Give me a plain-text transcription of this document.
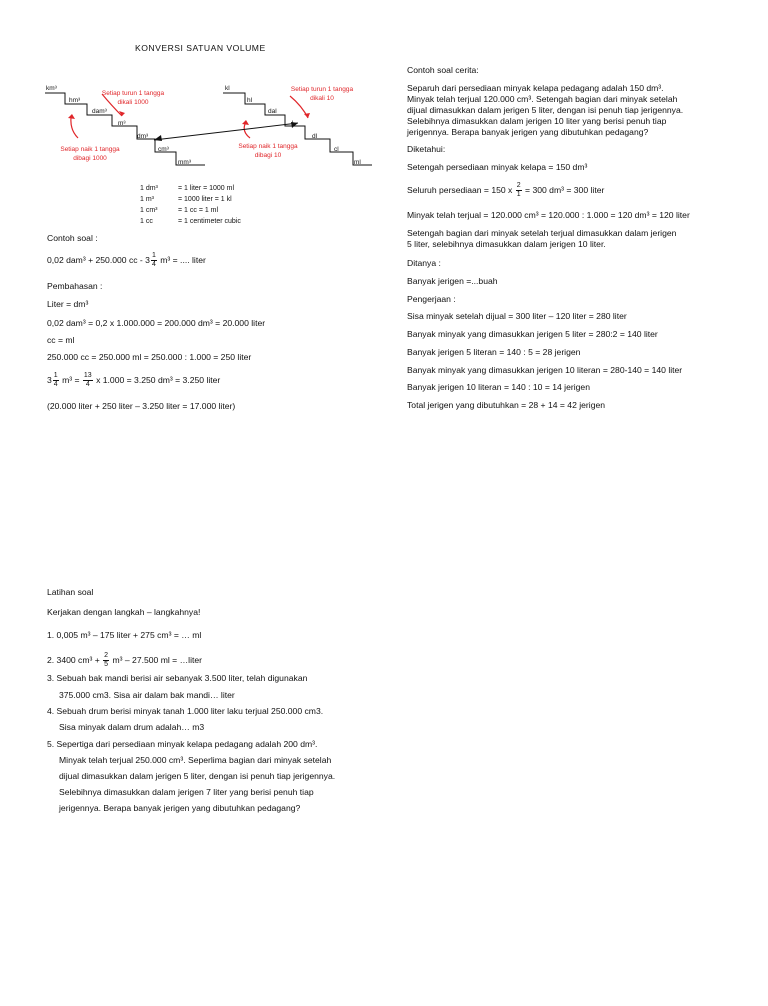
KONVERSI SATUAN VOLUME
km³
hm³
dam³
m³
dm³
cm³
mm³
Setiap turun 1 tangga
dikali 1000
Setiap naik 1 tangga
dibagi 1000
kl
hl
dal
dl
cl
ml
Setiap turun 1 tangga
dikali 10
Setiap naik 1 tangga
dibagi 10
1 dm³	= 1 liter = 1000 ml
1 m³	= 1000 liter = 1 kl
1 cm³	= 1 cc = 1 ml
1 cc	= 1 centimeter cubic
Contoh soal :
0,02 dam³ + 250.000 cc - $3 \frac{1}{4} m^3$ = .... liter
Pembahasan :
Liter = dm³
0,02 dam³ = 0,2 x 1.000.000 = 200.000 dm³ = 20.000 liter
cc = ml
250.000 cc = 250.000 ml = 250.000 : 1.000 = 250 liter
$3 \frac{1}{4} m^3 = \frac{13}{4}$ x 1.000 = 3.250 dm³ = 3.250 liter
(20.000 liter + 250 liter – 3.250 liter = 17.000 liter)
Contoh soal cerita:
Separuh dari persediaan minyak kelapa pedagang adalah 150 dm³.
Minyak telah terjual 120.000 cm³. Setengah bagian dari minyak setelah
dijual dimasukkan dalam jerigen 5 liter, dengan isi penuh tiap jerigennya.
Selebihnya dimasukkan dalam jerigen 10 liter yang berisi penuh tiap
jerigennya. Berapa banyak jerigen yang dibutuhkan pedagang?
Diketahui:
Setengah persediaan minyak kelapa = 150 dm³
Seluruh persediaan = 150 x $\frac{2}{1} = 300$ dm³ = 300 liter
Minyak telah terjual = 120.000 cm³ = 120.000 : 1.000 = 120 dm³ = 120 liter
Setengah bagian dari minyak setelah terjual dimasukkan dalam jerigen
5 liter, selebihnya dimasukkan dalam jerigen 10 liter.
Ditanya :
Banyak jerigen =...buah
Pengerjaan :
Sisa minyak setelah dijual = 300 liter – 120 liter = 280 liter
Banyak minyak yang dimasukkan jerigen 5 liter = 280:2 = 140 liter
Banyak jerigen 5 literan = 140 : 5 = 28 jerigen
Banyak minyak yang dimasukkan jerigen 10 literan = 280-140 = 140 liter
Banyak jerigen 10 literan = 140 : 10 = 14 jerigen
Total jerigen yang dibutuhkan = 28 + 14 = 42 jerigen
Latihan soal
Kerjakan dengan langkah – langkahnya!
1. 0,005 m³ – 175 liter + 275 cm³ = … ml
2. 3400 $cm^3 + \frac{2}{5} m^3 - 27.500$ ml = …liter
3. Sebuah bak mandi berisi air sebanyak 3.500 liter, telah digunakan
375.000 cm3. Sisa air dalam bak mandi… liter
4. Sebuah drum berisi minyak tanah 1.000 liter laku terjual 250.000 cm3.
Sisa minyak dalam drum adalah… m3
5. Sepertiga dari persediaan minyak kelapa pedagang adalah 200 dm³.
Minyak telah terjual 250.000 cm³. Seperlima bagian dari minyak setelah
dijual dimasukkan dalam jerigen 5 liter, dengan isi penuh tiap jerigennya.
Selebihnya dimasukkan dalam jerigen 7 liter yang berisi penuh tiap
jerigennya. Berapa banyak jerigen yang dibutuhkan pedagang?
